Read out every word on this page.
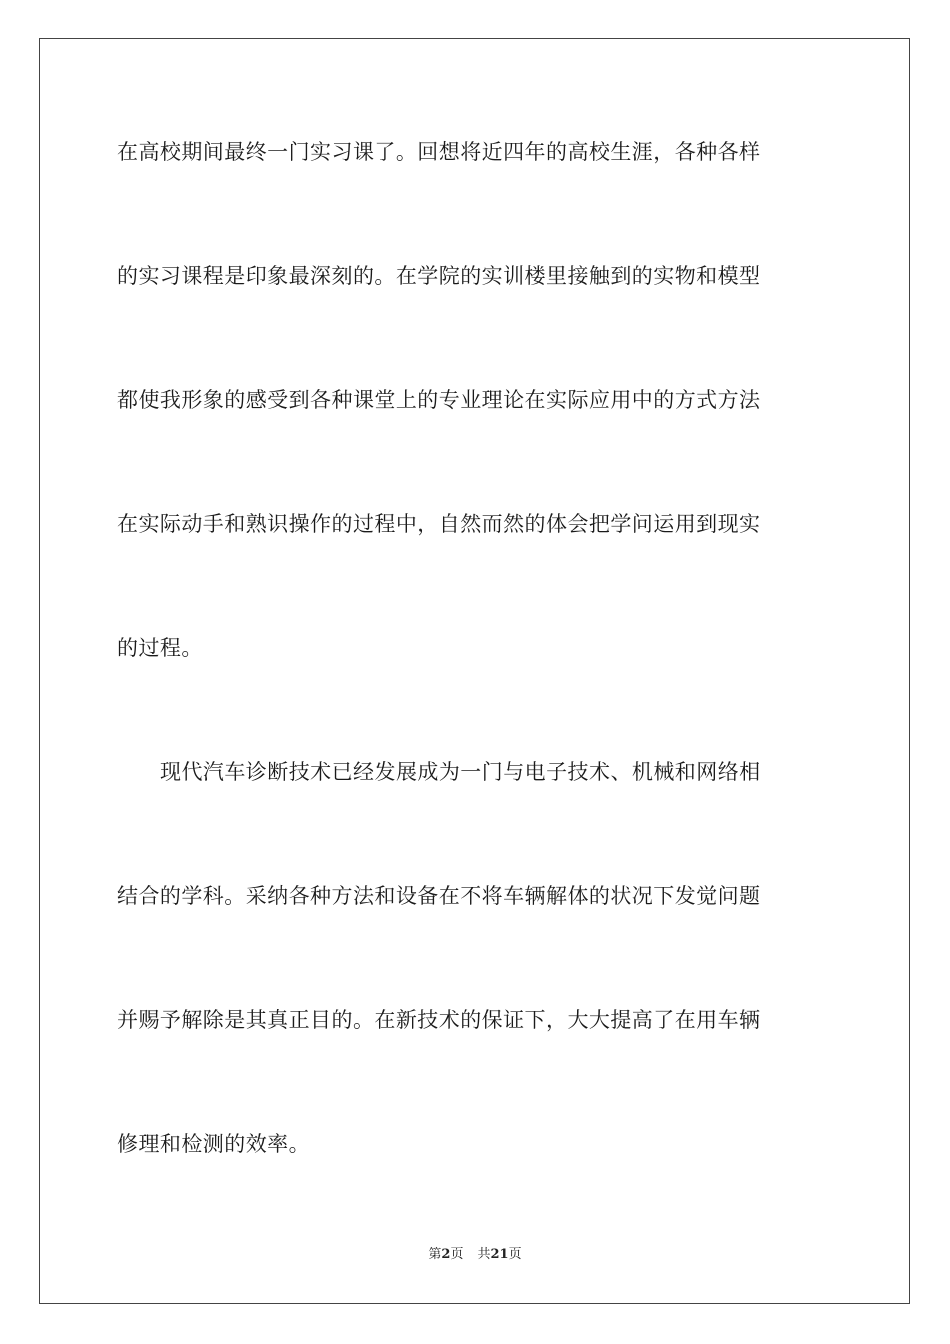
在高校期间最终一门实习课了。回想将近四年的高校生涯，各种各样
的实习课程是印象最深刻的。在学院的实训楼里接触到的实物和模型
都使我形象的感受到各种课堂上的专业理论在实际应用中的方式方法
在实际动手和熟识操作的过程中，自然而然的体会把学问运用到现实
的过程。
现代汽车诊断技术已经发展成为一门与电子技术、机械和网络相
结合的学科。采纳各种方法和设备在不将车辆解体的状况下发觉问题
并赐予解除是其真正目的。在新技术的保证下，大大提高了在用车辆
修理和检测的效率。
第2页 共21页
